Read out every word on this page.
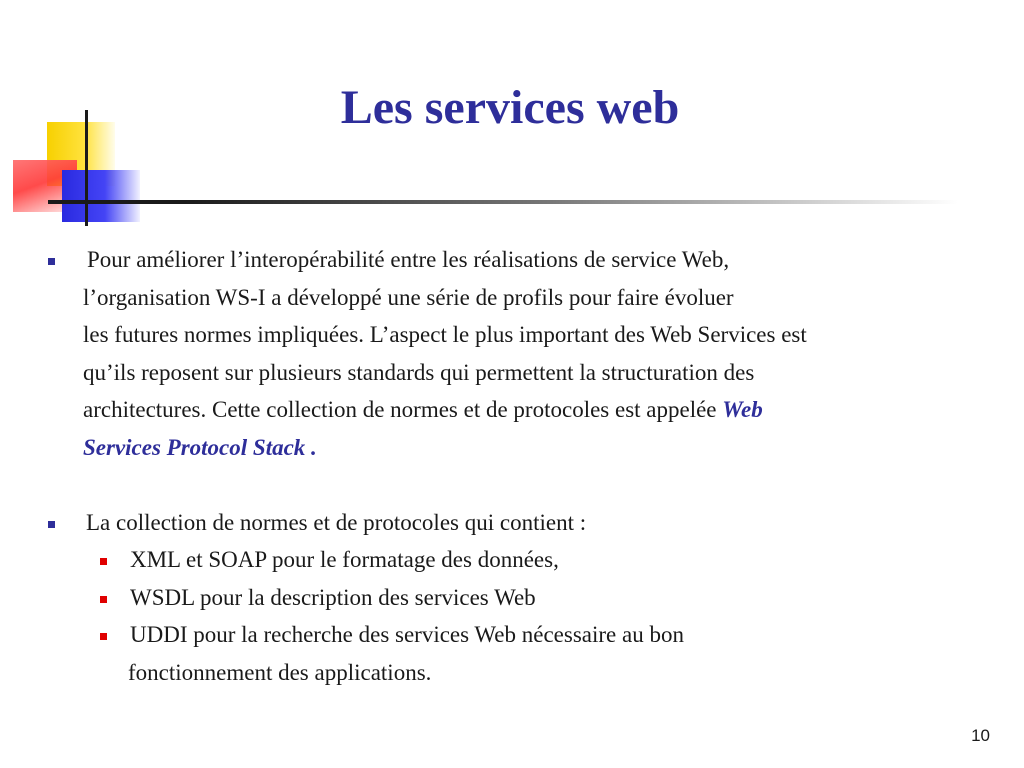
Les services web
Pour améliorer l’interopérabilité entre les réalisations de service Web,
l’organisation WS-I a développé une série de profils pour faire évoluer
les futures normes impliquées. L’aspect le plus important des Web Services est
qu’ils reposent sur plusieurs standards qui permettent la structuration des
architectures. Cette collection de normes et de protocoles est appelée Web
Services Protocol Stack .
La collection de normes et de protocoles qui contient :
XML et SOAP pour le formatage des données,
WSDL pour la description des services Web
UDDI pour la recherche des services Web nécessaire au bon
fonctionnement des applications.
10
